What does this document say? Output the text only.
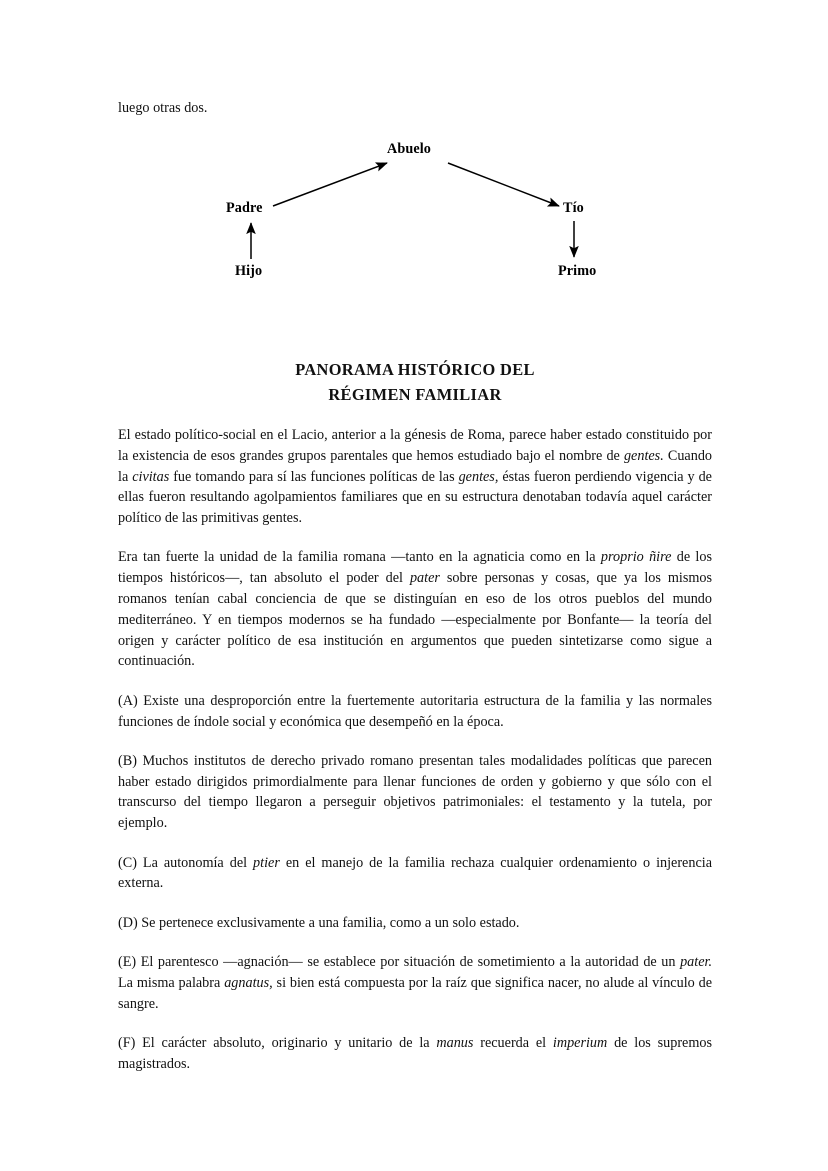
luego otras dos.
Abuelo
Padre	Tío
Hijo	Primo
PANORAMA HISTÓRICO DEL
RÉGIMEN FAMILIAR

El estado político-social en el Lacio, anterior a la génesis de Roma, parece haber estado constituido por la existencia de esos grandes grupos parentales que hemos estudiado bajo el nombre de gentes. Cuando la civitas fue tomando para sí las funciones políticas de las gentes, éstas fueron perdiendo vigencia y de ellas fueron resultando agolpamientos familiares que en su estructura denotaban todavía aquel carácter político de las primitivas gentes.

Era tan fuerte la unidad de la familia romana —tanto en la agnaticia como en la proprio ñire de los tiempos históricos—, tan absoluto el poder del pater sobre personas y cosas, que ya los mismos romanos tenían cabal conciencia de que se distinguían en eso de los otros pueblos del mundo mediterráneo. Y en tiempos modernos se ha fundado —especialmente por Bonfante— la teoría del origen y carácter político de esa institución en argumentos que pueden sintetizarse como sigue a continuación.

(A) Existe una desproporción entre la fuertemente autoritaria estructura de la familia y las normales funciones de índole social y económica que desempeñó en la época.

(B) Muchos institutos de derecho privado romano presentan tales modalidades políticas que parecen haber estado dirigidos primordialmente para llenar funciones de orden y gobierno y que sólo con el transcurso del tiempo llegaron a perseguir objetivos patrimoniales: el testamento y la tutela, por ejemplo.

(C) La autonomía del ptier en el manejo de la familia rechaza cualquier ordenamiento o injerencia externa.

(D) Se pertenece exclusivamente a una familia, como a un solo estado.

(E) El parentesco —agnación— se establece por situación de sometimiento a la autoridad de un pater. La misma palabra agnatus, si bien está compuesta por la raíz que significa nacer, no alude al vínculo de sangre.

(F) El carácter absoluto, originario y unitario de la manus recuerda el imperium de los supremos magistrados.
